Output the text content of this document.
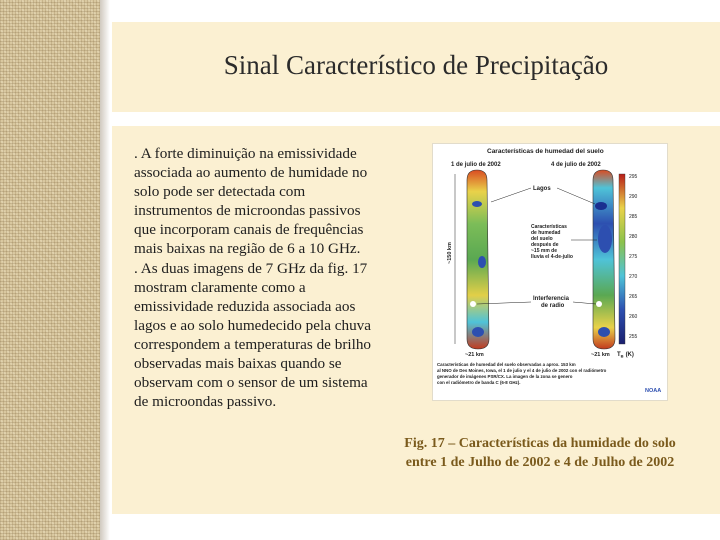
Sinal Característico de Precipitação

. A forte diminuição na emissividade associada ao aumento de humidade no solo pode ser detectada com instrumentos de microondas passivos que incorporam canais de frequências mais baixas na região de 6 a 10 GHz.

. As duas imagens de 7 GHz da fig. 17 mostram claramente como a emissividade reduzida associada aos lagos e ao solo humedecido pela chuva correspondem a temperaturas de brilho observadas mais baixas quando se observam com o sensor de um sistema de microondas passivo.

Características de humedad del suelo
1 de julio de 2002	4 de julio de 2002
Lagos
Características
de humedad
del suelo
después de
~15 mm de
lluvia el 4-de-julio
Interferencia
de radio
~150 km
~21 km	~21 km
295
290
285
280
275
270
265
260
255
$T_B$ (K)
Características de humedad del suelo observadas a aprox. 153 km
al NNO de Des Moines, Iowa, el 1 de julio y el 4 de julio de 2002 con el radiómetro
generador de imágenes PSR/CX. La imagen de la zona se genero
con el radiómetro de banda C (6-8 GHz).
NOAA
Fig. 17 – Características da humidade do solo entre 1 de Julho de 2002 e 4 de Julho de 2002
